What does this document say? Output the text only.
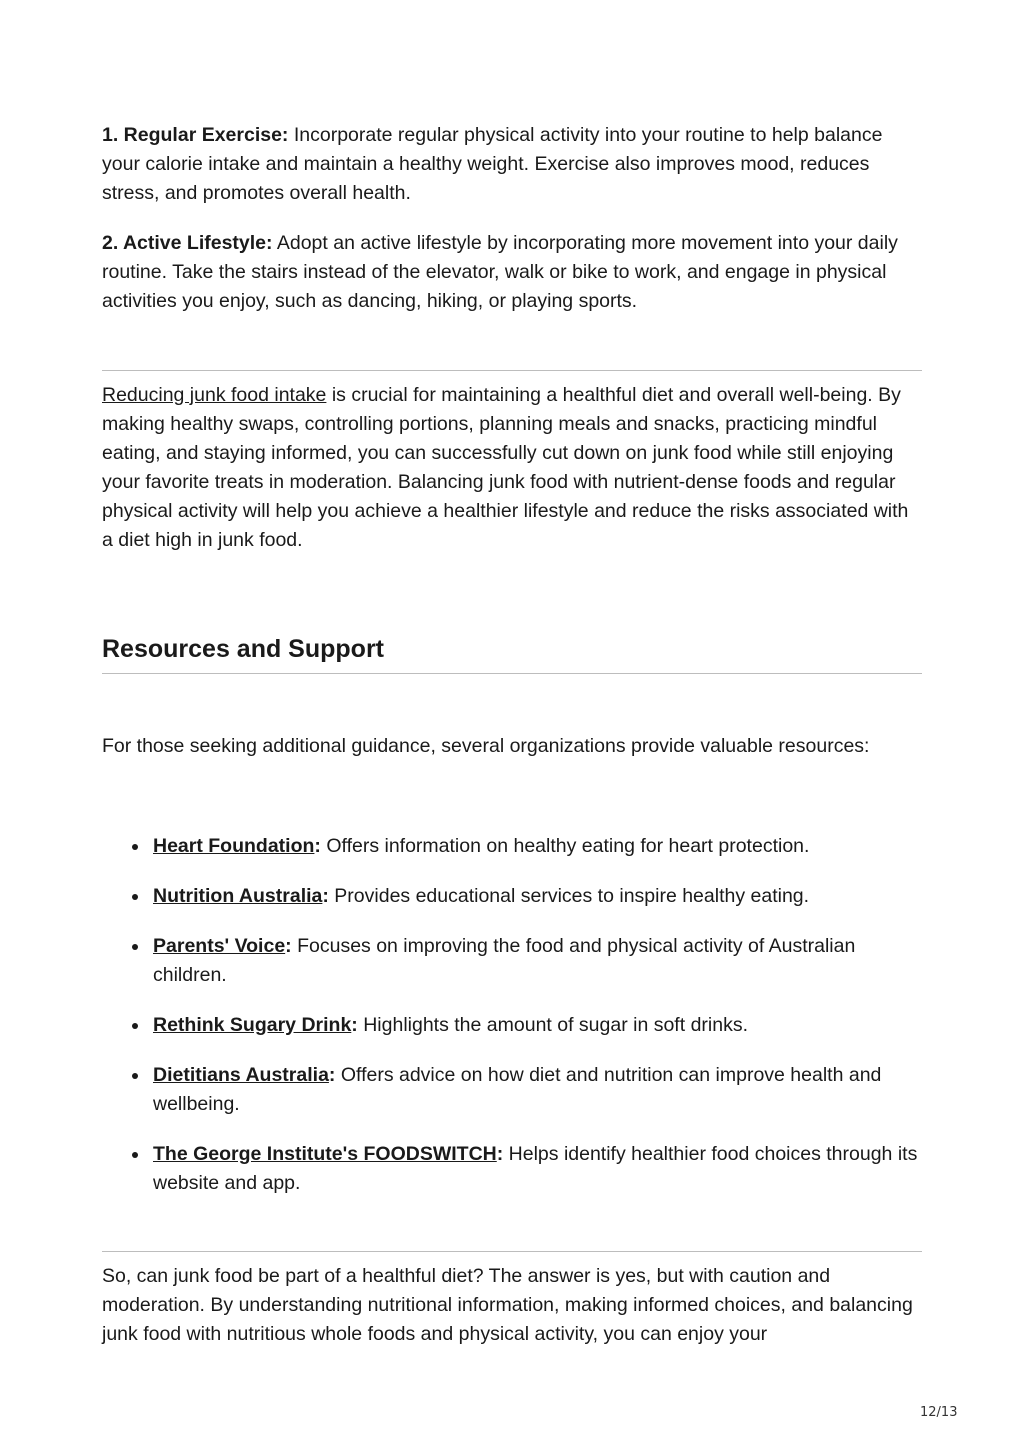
1. Regular Exercise: Incorporate regular physical activity into your routine to help balance your calorie intake and maintain a healthy weight. Exercise also improves mood, reduces stress, and promotes overall health.

2. Active Lifestyle: Adopt an active lifestyle by incorporating more movement into your daily routine. Take the stairs instead of the elevator, walk or bike to work, and engage in physical activities you enjoy, such as dancing, hiking, or playing sports.

Reducing junk food intake is crucial for maintaining a healthful diet and overall well-being. By making healthy swaps, controlling portions, planning meals and snacks, practicing mindful eating, and staying informed, you can successfully cut down on junk food while still enjoying your favorite treats in moderation. Balancing junk food with nutrient-dense foods and regular physical activity will help you achieve a healthier lifestyle and reduce the risks associated with a diet high in junk food.

Resources and Support

For those seeking additional guidance, several organizations provide valuable resources:

Heart Foundation: Offers information on healthy eating for heart protection.
Nutrition Australia: Provides educational services to inspire healthy eating.
Parents' Voice: Focuses on improving the food and physical activity of Australian children.
Rethink Sugary Drink: Highlights the amount of sugar in soft drinks.
Dietitians Australia: Offers advice on how diet and nutrition can improve health and wellbeing.
The George Institute's FOODSWITCH: Helps identify healthier food choices through its website and app.

So, can junk food be part of a healthful diet? The answer is yes, but with caution and moderation. By understanding nutritional information, making informed choices, and balancing junk food with nutritious whole foods and physical activity, you can enjoy your

12/13
